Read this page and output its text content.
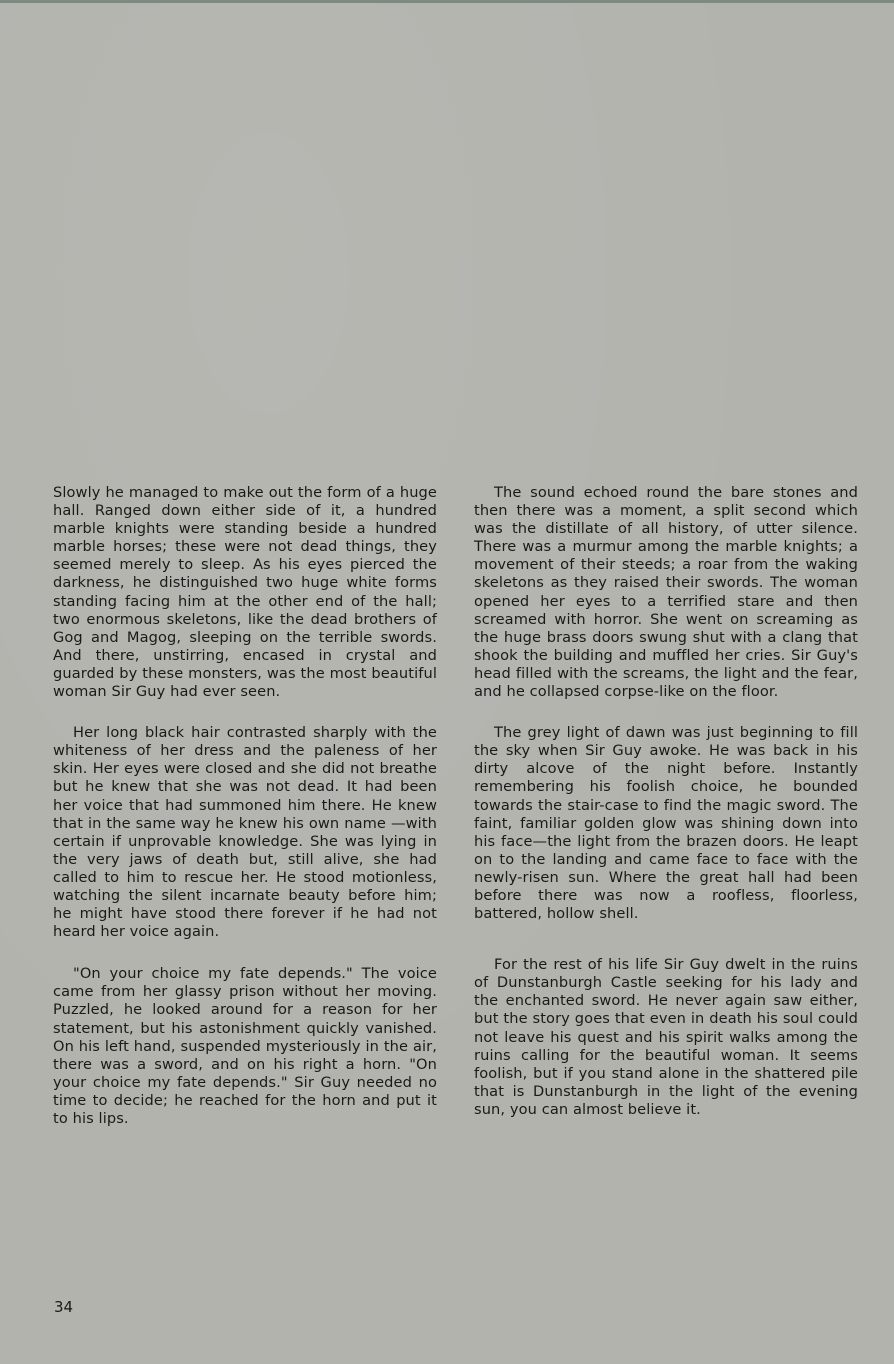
Slowly he managed to make out the form of a huge hall. Ranged down either side of it, a hundred marble knights were standing beside a hundred marble horses; these were not dead things, they seemed merely to sleep. As his eyes pierced the darkness, he distinguished two huge white forms standing facing him at the other end of the hall; two enormous skeletons, like the dead brothers of Gog and Magog, sleeping on the terrible swords. And there, unstirring, encased in crystal and guarded by these monsters, was the most beautiful woman Sir Guy had ever seen.

Her long black hair contrasted sharply with the whiteness of her dress and the paleness of her skin. Her eyes were closed and she did not breathe but he knew that she was not dead. It had been her voice that had summoned him there. He knew that in the same way he knew his own name —with certain if unprovable knowledge. She was lying in the very jaws of death but, still alive, she had called to him to rescue her. He stood motionless, watching the silent incarnate beauty before him; he might have stood there forever if he had not heard her voice again.

"On your choice my fate depends." The voice came from her glassy prison without her moving. Puzzled, he looked around for a reason for her statement, but his astonishment quickly vanished. On his left hand, suspended mysteriously in the air, there was a sword, and on his right a horn. "On your choice my fate depends." Sir Guy needed no time to decide; he reached for the horn and put it to his lips.

The sound echoed round the bare stones and then there was a moment, a split second which was the distillate of all history, of utter silence. There was a murmur among the marble knights; a movement of their steeds; a roar from the waking skeletons as they raised their swords. The woman opened her eyes to a terrified stare and then screamed with horror. She went on screaming as the huge brass doors swung shut with a clang that shook the building and muffled her cries. Sir Guy's head filled with the screams, the light and the fear, and he collapsed corpse-like on the floor.

The grey light of dawn was just beginning to fill the sky when Sir Guy awoke. He was back in his dirty alcove of the night before. Instantly remembering his foolish choice, he bounded towards the stair-case to find the magic sword. The faint, familiar golden glow was shining down into his face—the light from the brazen doors. He leapt on to the landing and came face to face with the newly-risen sun. Where the great hall had been before there was now a roofless, floorless, battered, hollow shell.

For the rest of his life Sir Guy dwelt in the ruins of Dunstanburgh Castle seeking for his lady and the enchanted sword. He never again saw either, but the story goes that even in death his soul could not leave his quest and his spirit walks among the ruins calling for the beautiful woman. It seems foolish, but if you stand alone in the shattered pile that is Dunstanburgh in the light of the evening sun, you can almost believe it.

34
